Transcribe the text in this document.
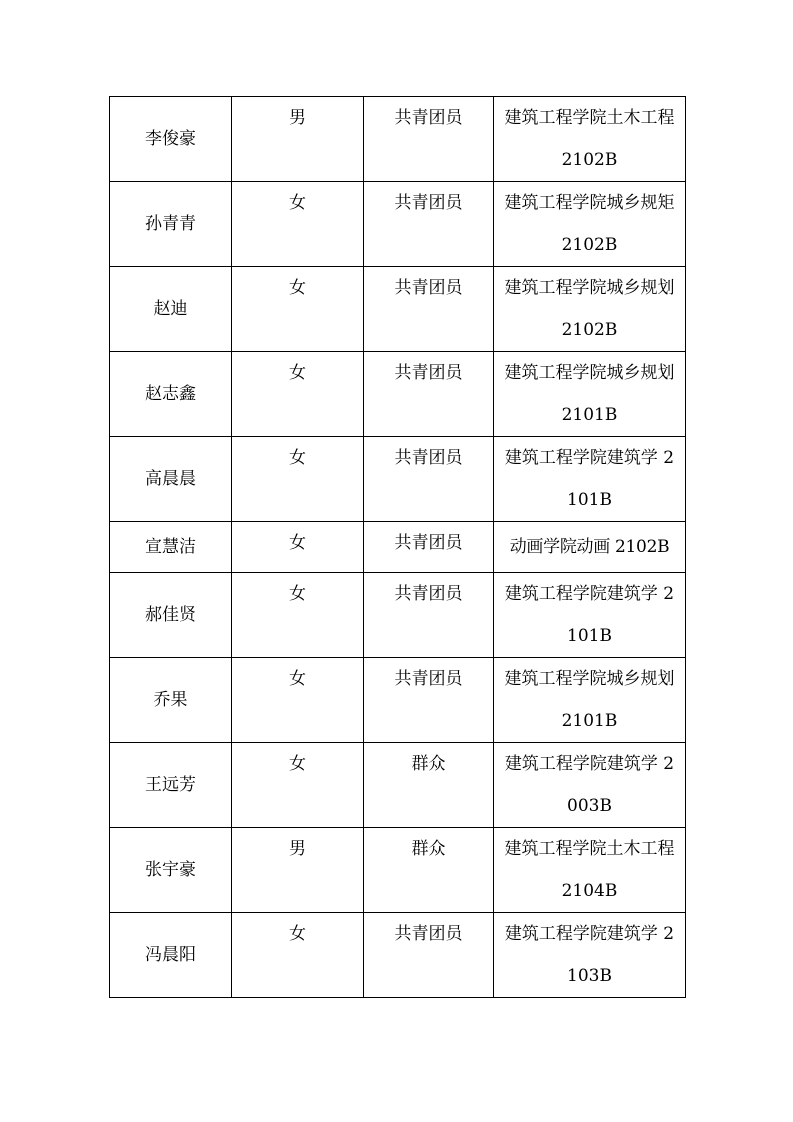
李俊豪	男	共青团员	建筑工程学院土木工程 2102B
孙青青	女	共青团员	建筑工程学院城乡规矩 2102B
赵迪	女	共青团员	建筑工程学院城乡规划 2102B
赵志鑫	女	共青团员	建筑工程学院城乡规划 2101B
高晨晨	女	共青团员	建筑工程学院建筑学 2101B
宣慧洁	女	共青团员	动画学院动画 2102B
郝佳贤	女	共青团员	建筑工程学院建筑学 2101B
乔果	女	共青团员	建筑工程学院城乡规划 2101B
王远芳	女	群众	建筑工程学院建筑学 2003B
张宇豪	男	群众	建筑工程学院土木工程 2104B
冯晨阳	女	共青团员	建筑工程学院建筑学 2103B
